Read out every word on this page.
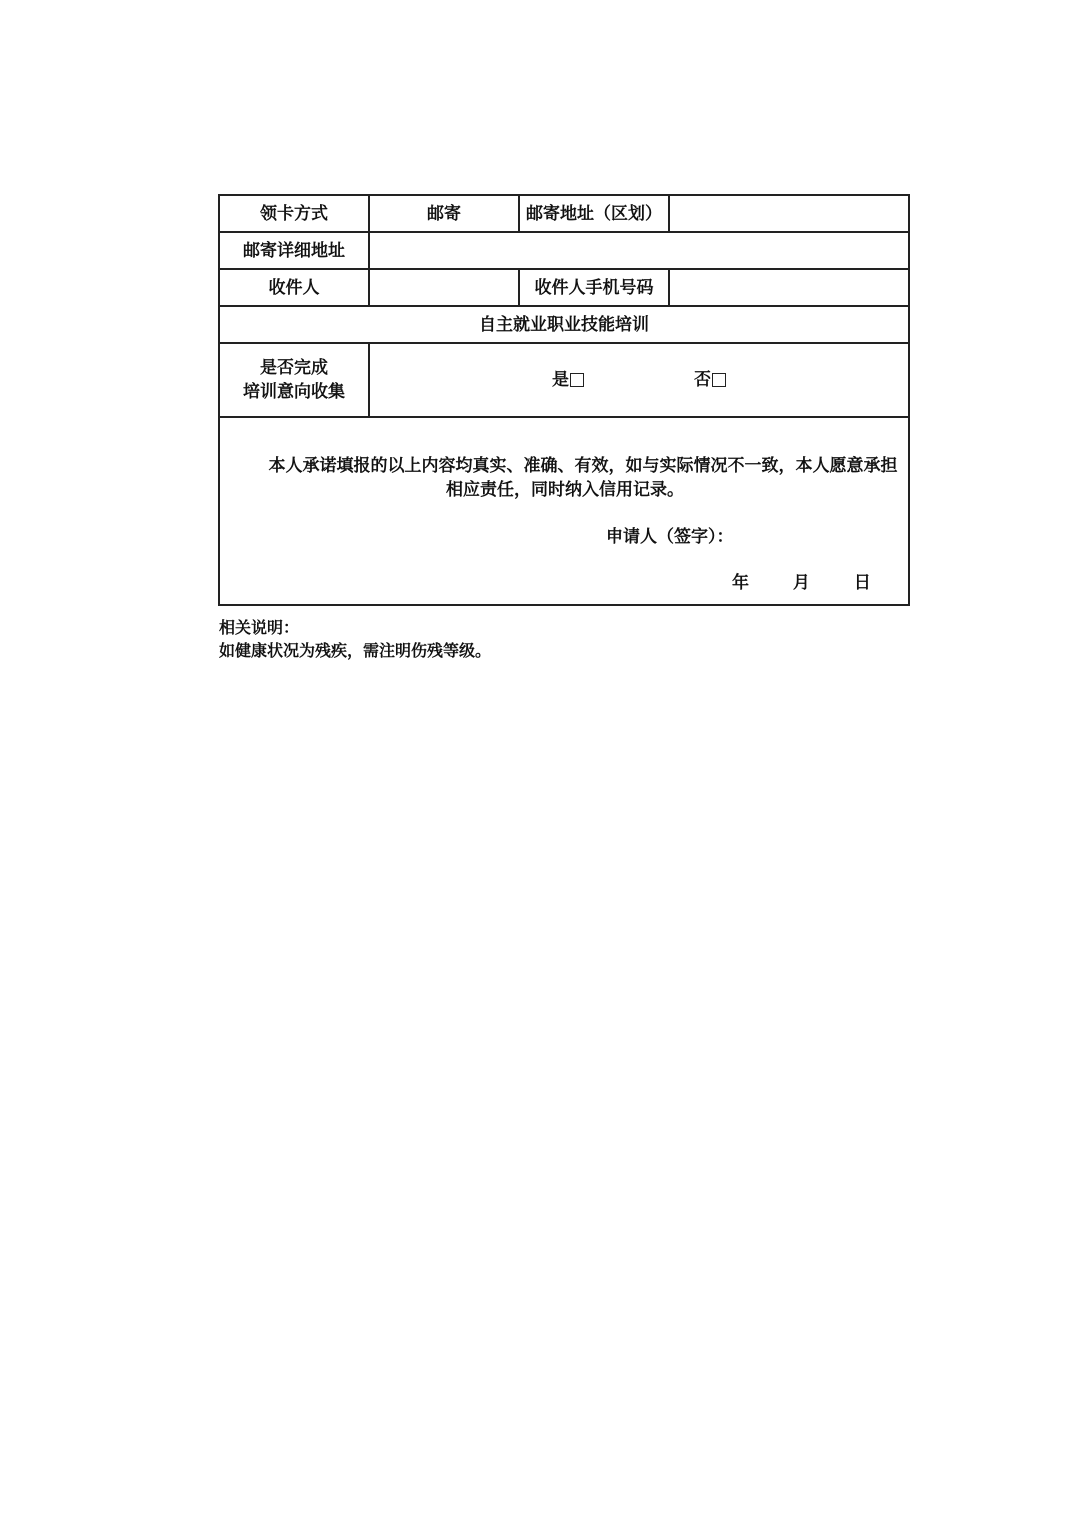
领卡方式	邮寄	邮寄地址（区划）	
邮寄详细地址			
收件人		收件人手机号码	
自主就业职业技能培训			

是否完成
培训意向收集	是 否		

本人承诺填报的以上内容均真实、准确、有效，如与实际情况不一致，本人愿意承担相应责任，同时纳入信用记录。
申请人（签字）：
年 月 日			
相关说明：
如健康状况为残疾，需注明伤残等级。
